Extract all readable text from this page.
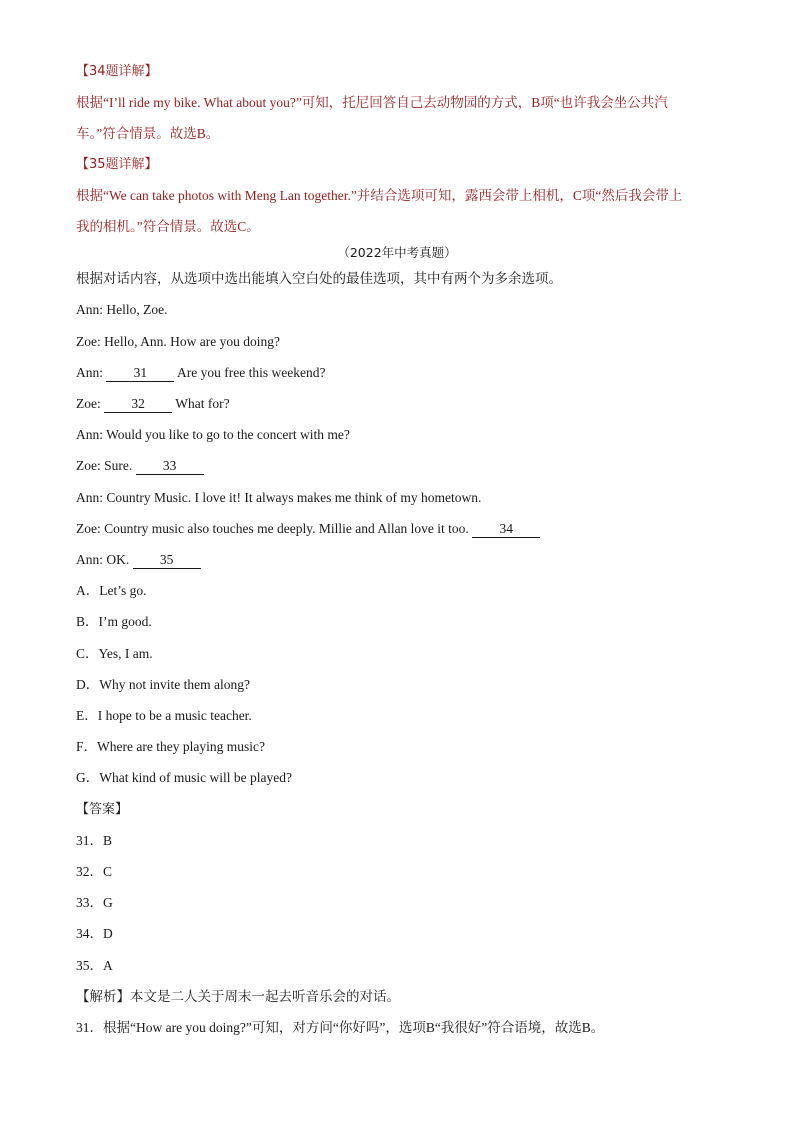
【34题详解】
根据“I’ll ride my bike. What about you?”可知，托尼回答自己去动物园的方式，B项“也许我会坐公共汽
车。”符合情景。故选B。
【35题详解】
根据“We can take photos with Meng Lan together.”并结合选项可知，露西会带上相机，C项“然后我会带上
我的相机。”符合情景。故选C。
（2022年中考真题）
根据对话内容，从选项中选出能填入空白处的最佳选项，其中有两个为多余选项。
Ann: Hello, Zoe.
Zoe: Hello, Ann. How are you doing?
Ann: 31 Are you free this weekend?
Zoe: 32 What for?
Ann: Would you like to go to the concert with me?
Zoe: Sure. 33
Ann: Country Music. I love it! It always makes me think of my hometown.
Zoe: Country music also touches me deeply. Millie and Allan love it too. 34
Ann: OK. 35
A．Let’s go.
B．I’m good.
C．Yes, I am.
D．Why not invite them along?
E．I hope to be a music teacher.
F．Where are they playing music?
G．What kind of music will be played?
【答案】
31．B
32．C
33．G
34．D
35．A
【解析】本文是二人关于周末一起去听音乐会的对话。
31．根据“How are you doing?”可知，对方问“你好吗”，选项B“我很好”符合语境，故选B。
